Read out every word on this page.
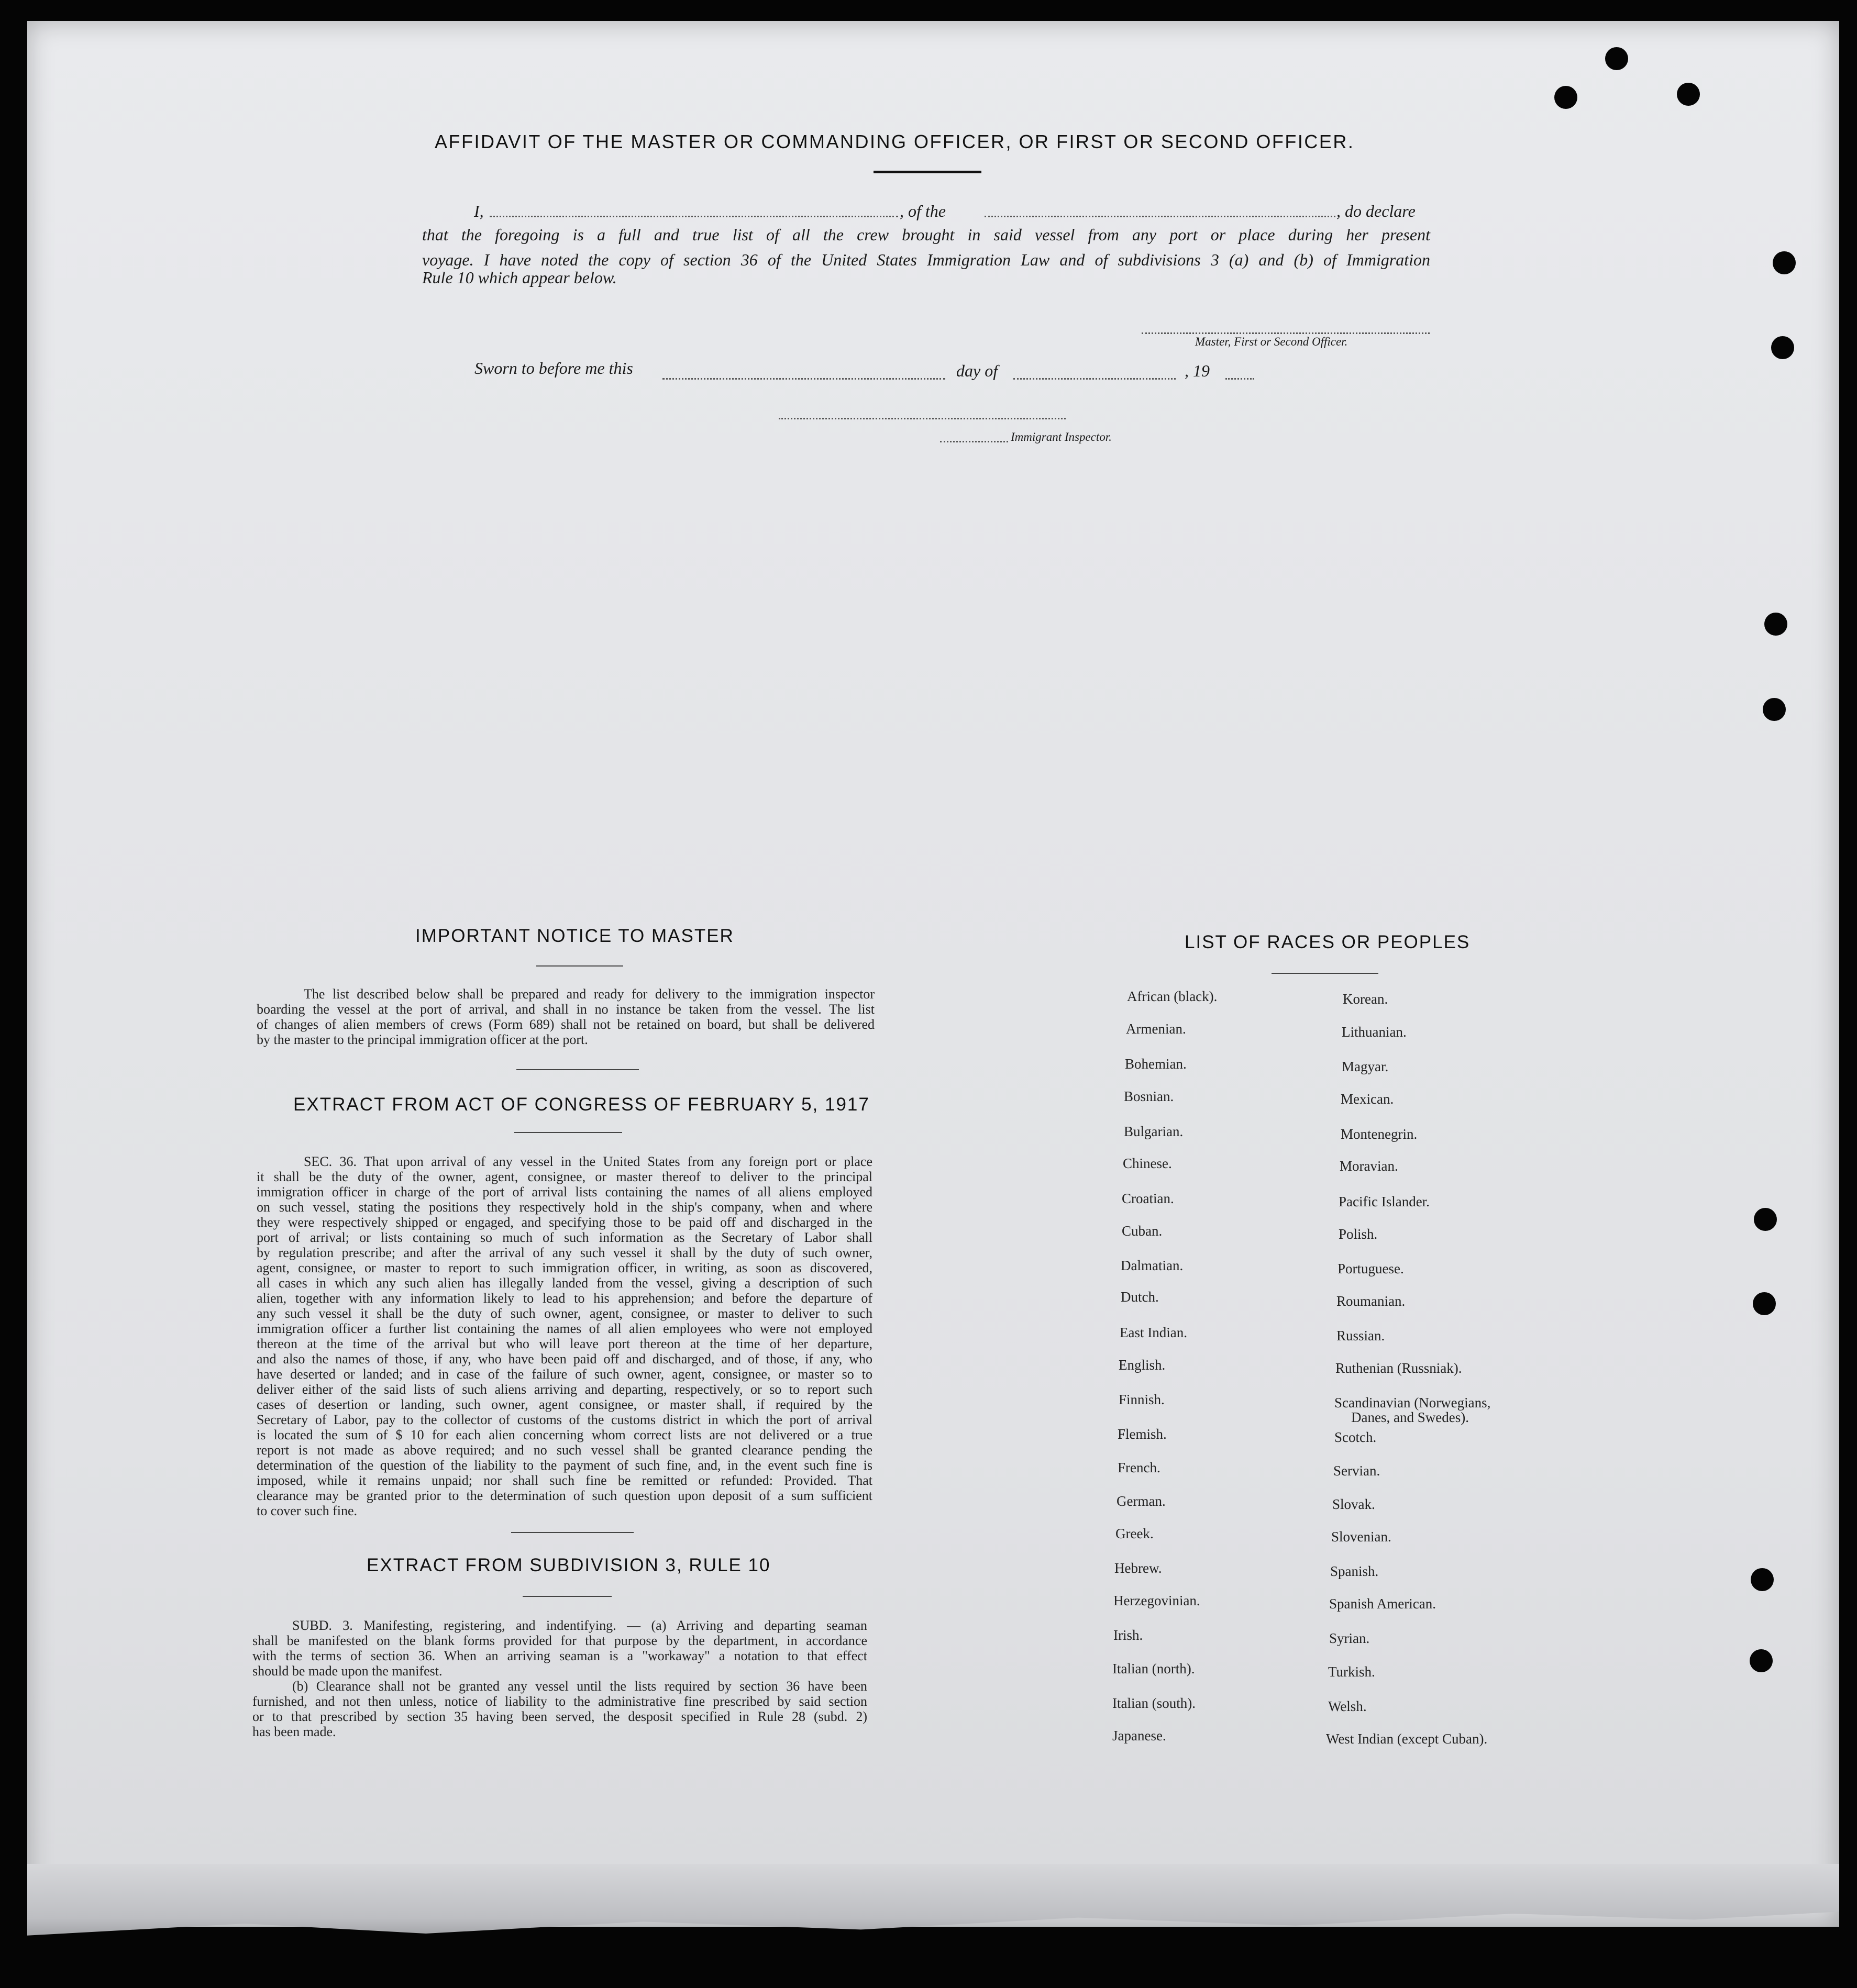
AFFIDAVIT OF THE MASTER OR COMMANDING OFFICER, OR FIRST OR SECOND OFFICER.
I,	, of the	, do declare
that the foregoing is a full and true list of all the crew brought in said vessel from any port or place during her present
voyage. I have noted the copy of section 36 of the United States Immigration Law and of subdivisions 3 (a) and (b) of Immigration
Rule 10 which appear below.
Master, First or Second Officer.
Sworn to before me this	day of	, 19
Immigrant Inspector.
IMPORTANT NOTICE TO MASTER
The list described below shall be prepared and ready for delivery to the immigration inspector
boarding the vessel at the port of arrival, and shall in no instance be taken from the vessel. The list
of changes of alien members of crews (Form 689) shall not be retained on board, but shall be delivered
by the master to the principal immigration officer at the port.
EXTRACT FROM ACT OF CONGRESS OF FEBRUARY 5, 1917
SEC. 36. That upon arrival of any vessel in the United States from any foreign port or place
it shall be the duty of the owner, agent, consignee, or master thereof to deliver to the principal
immigration officer in charge of the port of arrival lists containing the names of all aliens employed
on such vessel, stating the positions they respectively hold in the ship's company, when and where
they were respectively shipped or engaged, and specifying those to be paid off and discharged in the
port of arrival; or lists containing so much of such information as the Secretary of Labor shall
by regulation prescribe; and after the arrival of any such vessel it shall by the duty of such owner,
agent, consignee, or master to report to such immigration officer, in writing, as soon as discovered,
all cases in which any such alien has illegally landed from the vessel, giving a description of such
alien, together with any information likely to lead to his apprehension; and before the departure of
any such vessel it shall be the duty of such owner, agent, consignee, or master to deliver to such
immigration officer a further list containing the names of all alien employees who were not employed
thereon at the time of the arrival but who will leave port thereon at the time of her departure,
and also the names of those, if any, who have been paid off and discharged, and of those, if any, who
have deserted or landed; and in case of the failure of such owner, agent, consignee, or master so to
deliver either of the said lists of such aliens arriving and departing, respectively, or so to report such
cases of desertion or landing, such owner, agent consignee, or master shall, if required by the
Secretary of Labor, pay to the collector of customs of the customs district in which the port of arrival
is located the sum of $ 10 for each alien concerning whom correct lists are not delivered or a true
report is not made as above required; and no such vessel shall be granted clearance pending the
determination of the question of the liability to the payment of such fine, and, in the event such fine is
imposed, while it remains unpaid; nor shall such fine be remitted or refunded: Provided. That
clearance may be granted prior to the determination of such question upon deposit of a sum sufficient
to cover such fine.
EXTRACT FROM SUBDIVISION 3, RULE 10
SUBD. 3. Manifesting, registering, and indentifying. — (a) Arriving and departing seaman
shall be manifested on the blank forms provided for that purpose by the department, in accordance
with the terms of section 36. When an arriving seaman is a "workaway" a notation to that effect
should be made upon the manifest.
(b) Clearance shall not be granted any vessel until the lists required by section 36 have been
furnished, and not then unless, notice of liability to the administrative fine prescribed by said section
or to that prescribed by section 35 having been served, the desposit specified in Rule 28 (subd. 2)
has been made.
LIST OF RACES OR PEOPLES
African (black).
Armenian.
Bohemian.
Bosnian.
Bulgarian.
Chinese.
Croatian.
Cuban.
Dalmatian.
Dutch.
East Indian.
English.
Finnish.
Flemish.
French.
German.
Greek.
Hebrew.
Herzegovinian.
Irish.
Italian (north).
Italian (south).
Japanese.
Korean.
Lithuanian.
Magyar.
Mexican.
Montenegrin.
Moravian.
Pacific Islander.
Polish.
Portuguese.
Roumanian.
Russian.
Ruthenian (Russniak).
Scandinavian (Norwegians,
Danes, and Swedes).
Scotch.
Servian.
Slovak.
Slovenian.
Spanish.
Spanish American.
Syrian.
Turkish.
Welsh.
West Indian (except Cuban).
